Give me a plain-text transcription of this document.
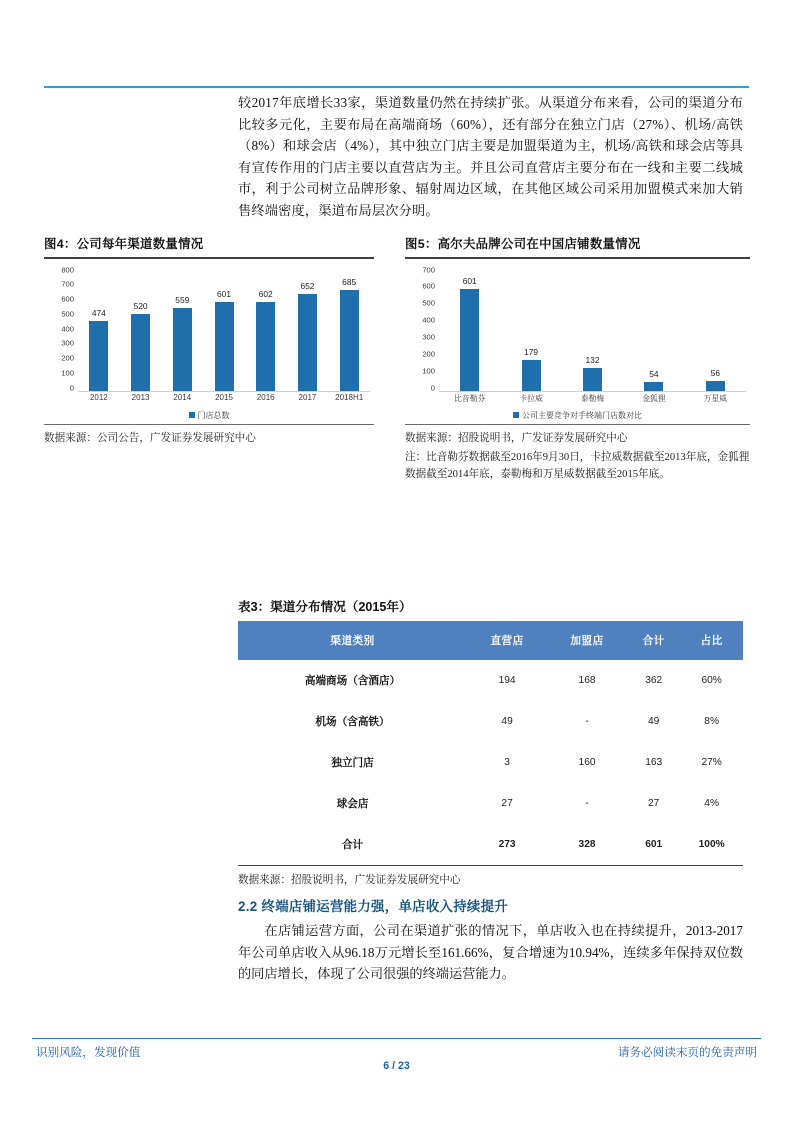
较2017年底增长33家，渠道数量仍然在持续扩张。从渠道分布来看，公司的渠道分布比较多元化，主要布局在高端商场（60%），还有部分在独立门店（27%）、机场/高铁（8%）和球会店（4%），其中独立门店主要是加盟渠道为主，机场/高铁和球会店等具有宣传作用的门店主要以直营店为主。并且公司直营店主要分布在一线和主要二线城市，利于公司树立品牌形象、辐射周边区域，在其他区域公司采用加盟模式来加大销售终端密度，渠道布局层次分明。
图4：公司每年渠道数量情况
800
700
600
500
400
300
200
100
0
474
520
559
601	602
652	685
2012	2013	2014	2015	2016	2017	2018H1
门店总数
数据来源：公司公告，广发证券发展研究中心
图5：高尔夫品牌公司在中国店铺数量情况
700
600
500
400
300
200
100
0
601
179
132
54	56
比音勒芬	卡拉威	泰勒梅	金狐狸	万星威
公司主要竞争对手终端门店数对比
数据来源：招股说明书，广发证券发展研究中心
注：比音勒芬数据截至2016年9月30日，卡拉威数据截至2013年底，金狐狸数据截至2014年底，泰勒梅和万星威数据截至2015年底。
表3：渠道分布情况（2015年）
渠道类别	直营店	加盟店	合计	占比
高端商场（含酒店）	194	168	362	60%
机场（含高铁）	49	-	49	8%
独立门店	3	160	163	27%
球会店	27	-	27	4%
合计	273	328	601	100%
数据来源：招股说明书，广发证券发展研究中心
2.2 终端店铺运营能力强，单店收入持续提升
在店铺运营方面，公司在渠道扩张的情况下，单店收入也在持续提升，2013-2017年公司单店收入从96.18万元增长至161.66%，复合增速为10.94%，连续多年保持双位数的同店增长，体现了公司很强的终端运营能力。
识别风险，发现价值	请务必阅读末页的免责声明
6 / 23
